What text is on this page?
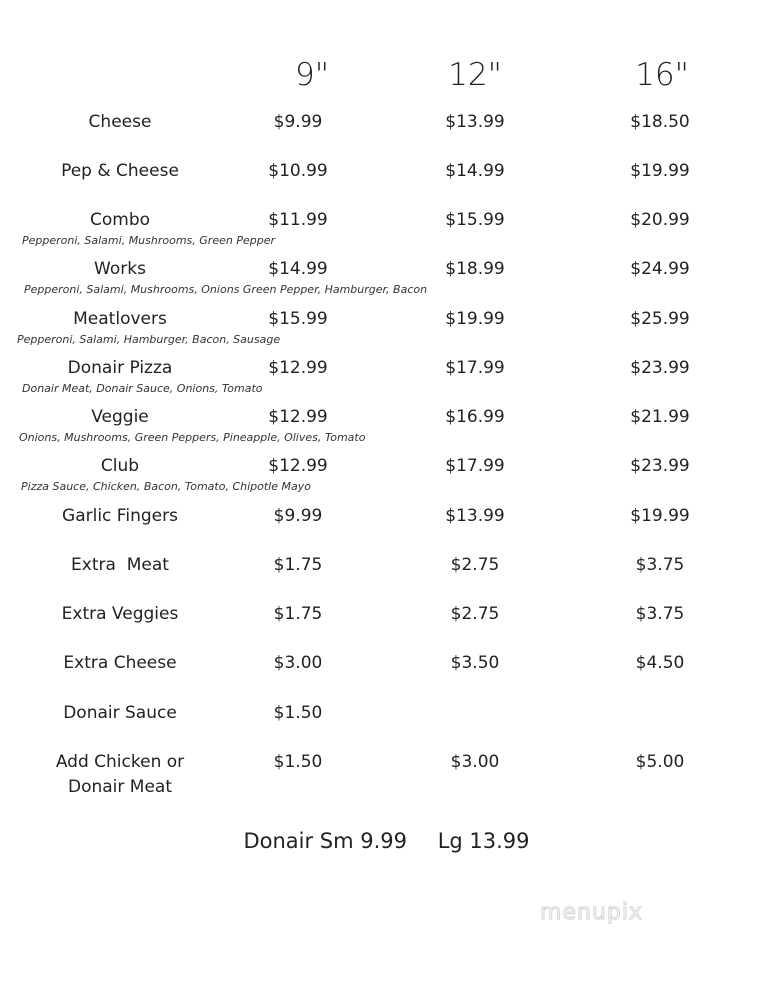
9"	12"	16"
Cheese	$9.99	$13.99	$18.50
Pep & Cheese	$10.99	$14.99	$19.99
Combo	$11.99	$15.99	$20.99
Pepperoni, Salami, Mushrooms, Green Pepper
Works	$14.99	$18.99	$24.99
Pepperoni, Salami, Mushrooms, Onions Green Pepper, Hamburger, Bacon
Meatlovers	$15.99	$19.99	$25.99
Pepperoni, Salami, Hamburger, Bacon, Sausage
Donair Pizza	$12.99	$17.99	$23.99
Donair Meat, Donair Sauce, Onions, Tomato
Veggie	$12.99	$16.99	$21.99
Onions, Mushrooms, Green Peppers, Pineapple, Olives, Tomato
Club	$12.99	$17.99	$23.99
Pizza Sauce, Chicken, Bacon, Tomato, Chipotle Mayo
Garlic Fingers	$9.99	$13.99	$19.99
Extra  Meat	$1.75	$2.75	$3.75
Extra Veggies	$1.75	$2.75	$3.75
Extra Cheese	$3.00	$3.50	$4.50
Donair Sauce	$1.50
Add Chicken or
Donair Meat
$1.50	$3.00	$5.00
Donair Sm 9.99 Lg 13.99
menupix
